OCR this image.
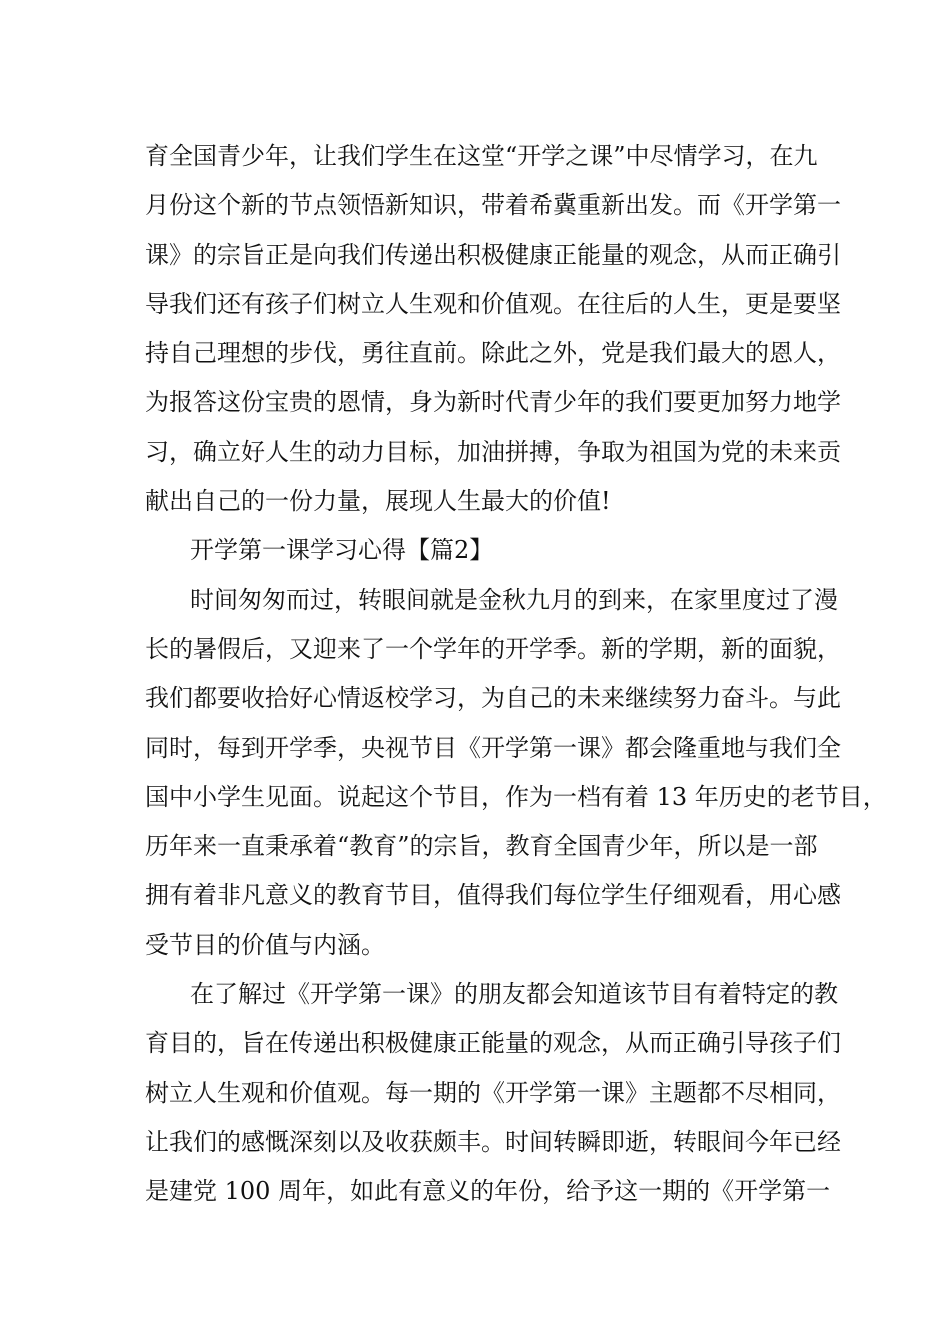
育全国青少年，让我们学生在这堂“开学之课”中尽情学习，在九
月份这个新的节点领悟新知识，带着希冀重新出发。而《开学第一
课》的宗旨正是向我们传递出积极健康正能量的观念，从而正确引
导我们还有孩子们树立人生观和价值观。在往后的人生，更是要坚
持自己理想的步伐，勇往直前。除此之外，党是我们最大的恩人，
为报答这份宝贵的恩情，身为新时代青少年的我们要更加努力地学
习，确立好人生的动力目标，加油拼搏，争取为祖国为党的未来贡
献出自己的一份力量，展现人生最大的价值!
开学第一课学习心得【篇2】
时间匆匆而过，转眼间就是金秋九月的到来，在家里度过了漫
长的暑假后，又迎来了一个学年的开学季。新的学期，新的面貌，
我们都要收拾好心情返校学习，为自己的未来继续努力奋斗。与此
同时，每到开学季，央视节目《开学第一课》都会隆重地与我们全
国中小学生见面。说起这个节目，作为一档有着 13 年历史的老节目，
历年来一直秉承着“教育”的宗旨，教育全国青少年，所以是一部
拥有着非凡意义的教育节目，值得我们每位学生仔细观看，用心感
受节目的价值与内涵。
在了解过《开学第一课》的朋友都会知道该节目有着特定的教
育目的，旨在传递出积极健康正能量的观念，从而正确引导孩子们
树立人生观和价值观。每一期的《开学第一课》主题都不尽相同，
让我们的感慨深刻以及收获颇丰。时间转瞬即逝，转眼间今年已经
是建党 100 周年，如此有意义的年份，给予这一期的《开学第一
